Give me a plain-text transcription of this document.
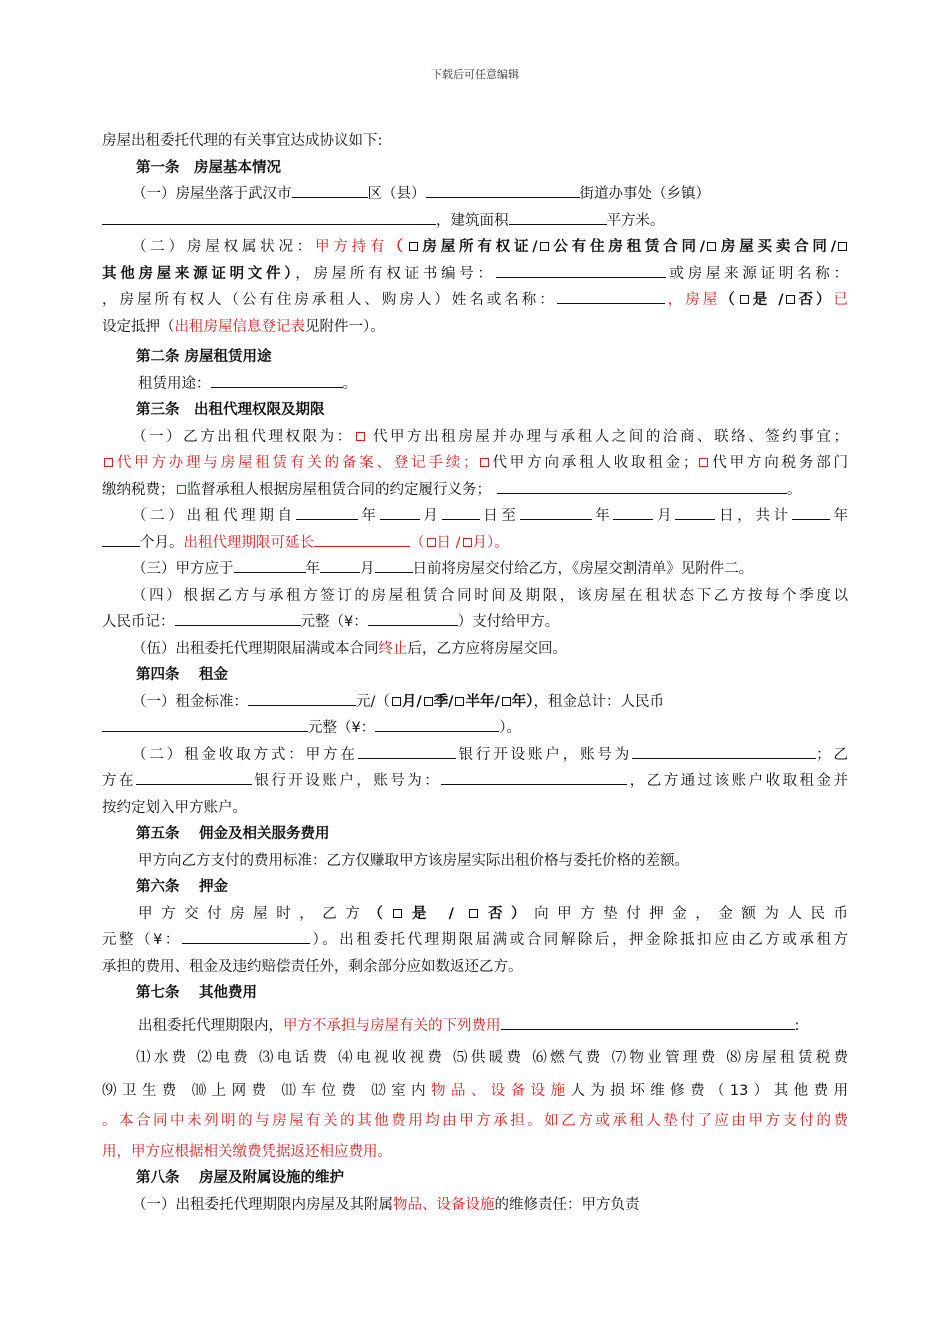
下载后可任意编辑
房屋出租委托代理的有关事宜达成协议如下:
第一条　房屋基本情况
（一）房屋坐落于武汉市	区（县）	街道办事处（乡镇）
，建筑面积	平方米。
（二）房屋权属状况：甲方持有（ 房屋所有权证/ 公有住房租赁合同/ 房屋买卖合同/
其他房屋来源证明文件），房屋所有权证书编号：	或房屋来源证明名称：
，房屋所有权人（公有住房承租人、购房人）姓名或名称：	，房屋（ 是 / 否）已
设定抵押（出租房屋信息登记表见附件一）。
第二条 房屋租赁用途
租赁用途：	。
第三条　出租代理权限及期限
（一）乙方出租代理权限为： 代甲方出租房屋并办理与承租人之间的洽商、联络、签约事宜；
代甲方办理与房屋租赁有关的备案、登记手续； 代甲方向承租人收取租金； 代甲方向税务部门
缴纳税费； 监督承租人根据房屋租赁合同的约定履行义务；	。
（二）出租代理期自	年	月	日至	年	月	日，共计	年
个月。出租代理期限可延长	（ 日 / 月）。
（三）甲方应于	年	月	日前将房屋交付给乙方，《房屋交割清单》见附件二。
（四）根据乙方与承租方签订的房屋租赁合同时间及期限，该房屋在租状态下乙方按每个季度以
人民币记：	元整（¥：	）支付给甲方。
（伍）出租委托代理期限届满或本合同终止后，乙方应将房屋交回。
第四条　 租金
（一）租金标准：	元/（ 月/ 季/ 半年/ 年），租金总计：人民币
元整（¥：	）。
（二）租金收取方式：甲方在	银行开设账户，账号为	；乙
方在	银行开设账户，账号为：	，乙方通过该账户收取租金并
按约定划入甲方账户。
第五条　 佣金及相关服务费用
甲方向乙方支付的费用标准：乙方仅赚取甲方该房屋实际出租价格与委托价格的差额。
第六条　 押金
甲方交付房屋时，乙方（ 是 / 否）向甲方垫付押金，金额为人民币
元整（¥：	）。出租委托代理期限届满或合同解除后，押金除抵扣应由乙方或承租方
承担的费用、租金及违约赔偿责任外，剩余部分应如数返还乙方。
第七条　 其他费用
出租委托代理期限内，甲方不承担与房屋有关的下列费用	:
⑴水费 ⑵电费 ⑶电话费 ⑷电视收视费 ⑸供暖费 ⑹燃气费 ⑺物业管理费 ⑻房屋租赁税费
⑼卫生费 ⑽上网费 ⑾车位费 ⑿室内物品、设备设施人为损坏维修费（13）其他费用
。本合同中未列明的与房屋有关的其他费用均由甲方承担。如乙方或承租人垫付了应由甲方支付的费
用，甲方应根据相关缴费凭据返还相应费用。
第八条　 房屋及附属设施的维护
（一）出租委托代理期限内房屋及其附属物品、设备设施的维修责任：甲方负责
